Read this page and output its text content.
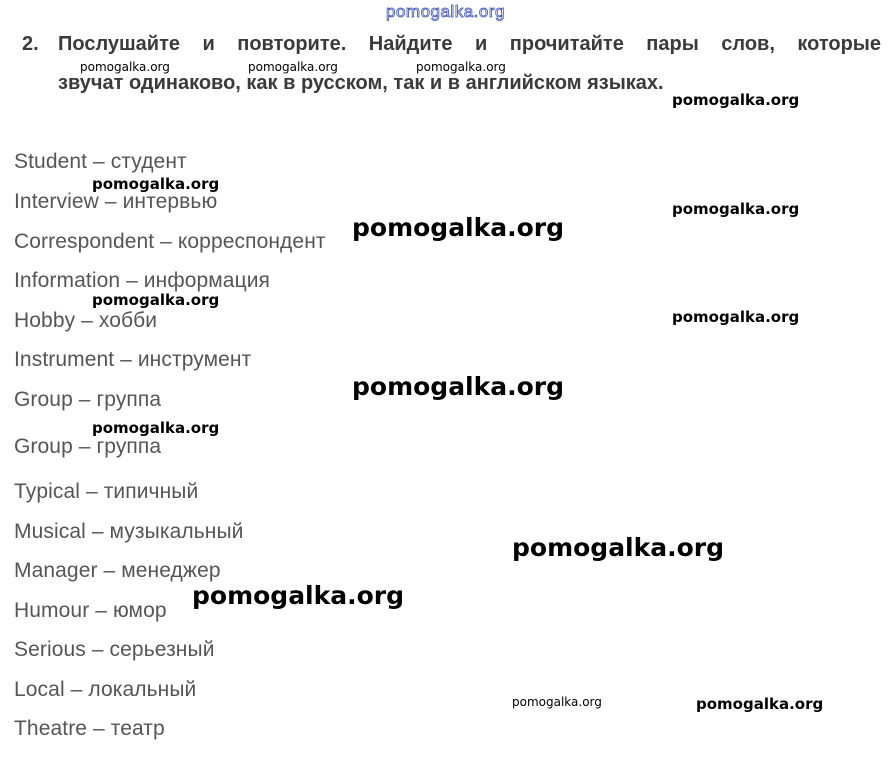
pomogalka.org
2. Послушайте и повторите. Найдите и прочитайте пары слов, которые
звучат одинаково, как в русском, так и в английском языках.
Student – студент
Interview – интервью
Correspondent – корреспондент
Information – информация
Hobby – хобби
Instrument – инструмент
Group – группа
Group – группа
Typical – типичный
Musical – музыкальный
Manager – менеджер
Humour – юмор
Serious – серьезный
Local – локальный
Theatre – театр
pomogalka.org	pomogalka.org	pomogalka.org
pomogalka.org
pomogalka.org
pomogalka.org
pomogalka.org
pomogalka.org
pomogalka.org
pomogalka.org
pomogalka.org
pomogalka.org
pomogalka.org
pomogalka.org	pomogalka.org
